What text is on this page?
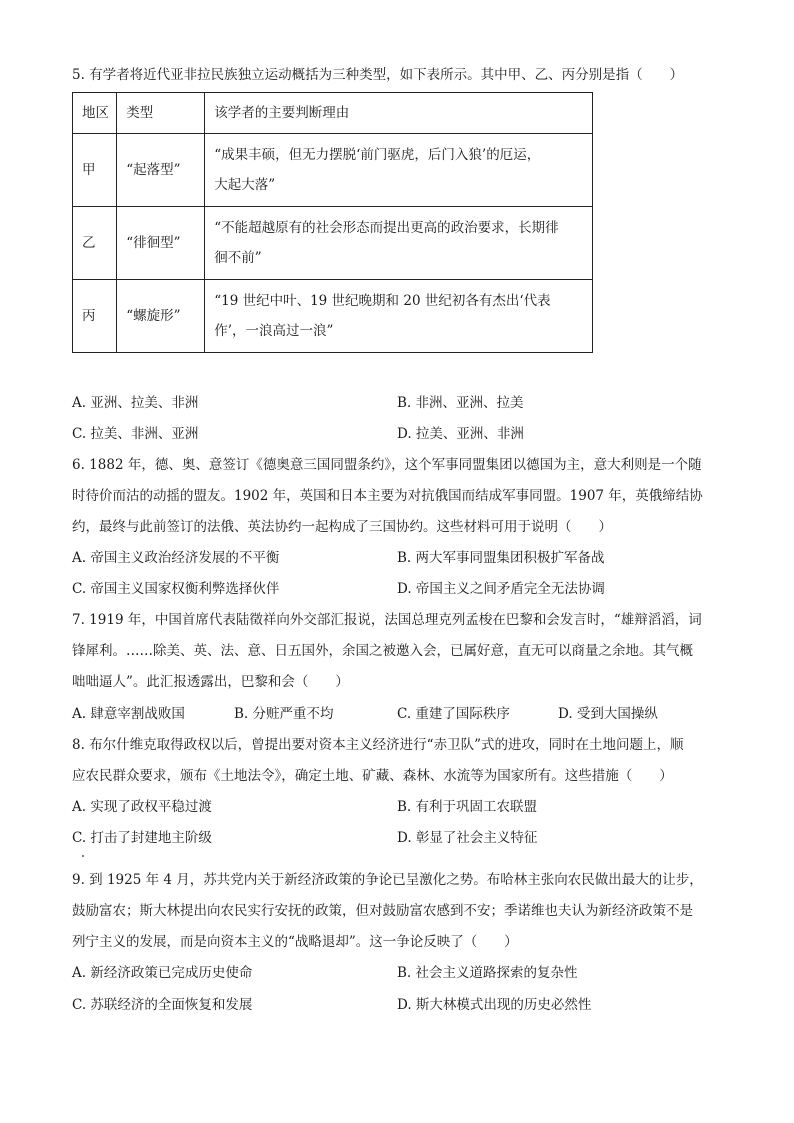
5. 有学者将近代亚非拉民族独立运动概括为三种类型，如下表所示。其中甲、乙、丙分别是指（　　）
地区	类型	该学者的主要判断理由
甲	“起落型”	“成果丰硕，但无力摆脱‘前门驱虎，后门入狼’的厄运，
大起大落”

乙	“徘徊型”	“不能超越原有的社会形态而提出更高的政治要求，长期徘
徊不前”

丙	“螺旋形”	“19 世纪中叶、19 世纪晚期和 20 世纪初各有杰出‘代表
作’，一浪高过一浪”
A. 亚洲、拉美、非洲	B. 非洲、亚洲、拉美
C. 拉美、非洲、亚洲	D. 拉美、亚洲、非洲
6. 1882 年，德、奥、意签订《德奥意三国同盟条约》，这个军事同盟集团以德国为主，意大利则是一个随
时待价而沽的动摇的盟友。1902 年，英国和日本主要为对抗俄国而结成军事同盟。1907 年，英俄缔结协
约，最终与此前签订的法俄、英法协约一起构成了三国协约。这些材料可用于说明（　　）
A. 帝国主义政治经济发展的不平衡	B. 两大军事同盟集团积极扩军备战
C. 帝国主义国家权衡利弊选择伙伴	D. 帝国主义之间矛盾完全无法协调
7. 1919 年，中国首席代表陆徵祥向外交部汇报说，法国总理克列孟梭在巴黎和会发言时，“雄辩滔滔，词
锋犀利。……除美、英、法、意、日五国外，余国之被邀入会，已属好意，直无可以商量之余地。其气概
咄咄逼人”。此汇报透露出，巴黎和会（　　）
A. 肆意宰割战败国	B. 分赃严重不均	C. 重建了国际秩序	D. 受到大国操纵
8. 布尔什维克取得政权以后，曾提出要对资本主义经济进行“赤卫队”式的进攻，同时在土地问题上，顺
应农民群众要求，颁布《土地法令》，确定土地、矿藏、森林、水流等为国家所有。这些措施（　　）
A. 实现了政权平稳过渡	B. 有利于巩固工农联盟
C. 打击了封建地主阶级	D. 彰显了社会主义特征
9. 到 1925 年 4 月，苏共党内关于新经济政策的争论已呈激化之势。布哈林主张向农民做出最大的让步，
鼓励富农；斯大林提出向农民实行安抚的政策，但对鼓励富农感到不安；季诺维也夫认为新经济政策不是
列宁主义的发展，而是向资本主义的“战略退却”。这一争论反映了（　　）
A. 新经济政策已完成历史使命	B. 社会主义道路探索的复杂性
C. 苏联经济的全面恢复和发展	D. 斯大林模式出现的历史必然性
